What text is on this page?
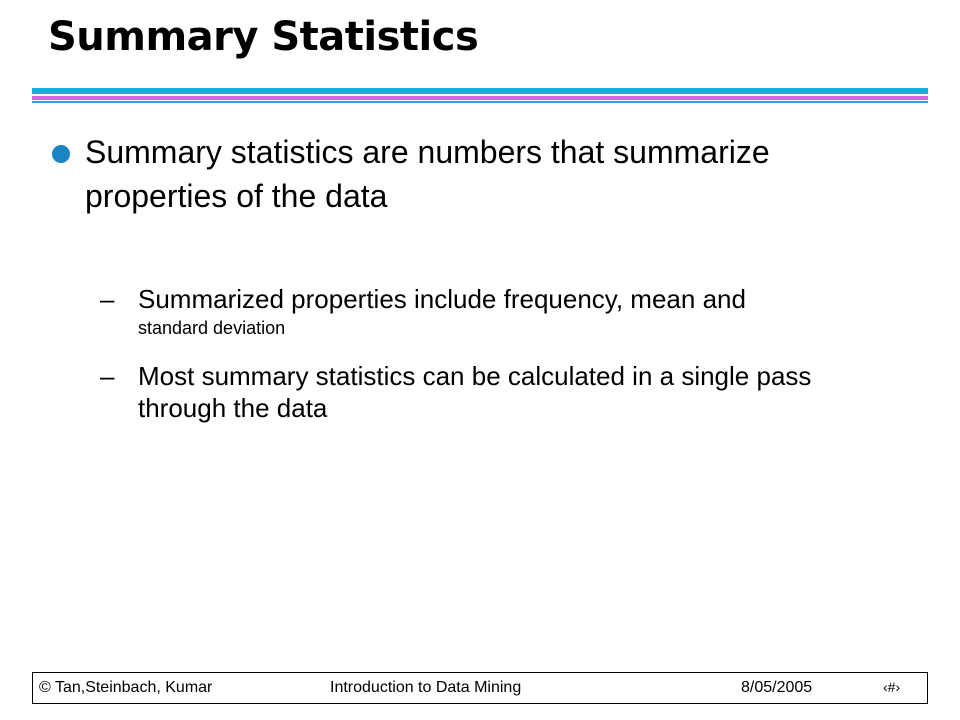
Summary Statistics
Summary statistics are numbers that summarize properties of the data
– Summarized properties include frequency, mean and
standard deviation
– Most summary statistics can be calculated in a single pass through the data
© Tan,Steinbach, Kumar	Introduction to Data Mining	8/05/2005	‹#›
